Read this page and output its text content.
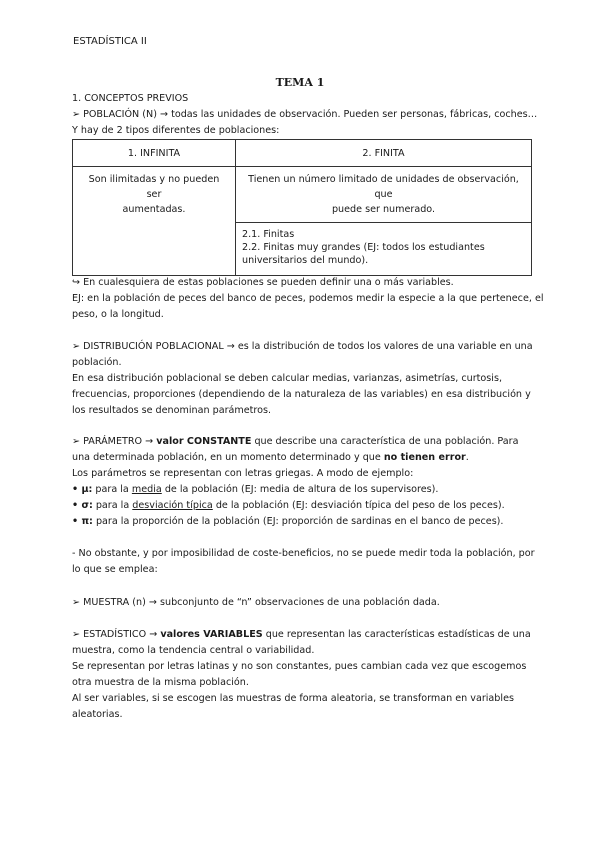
ESTADÍSTICA II
TEMA 1
1. CONCEPTOS PREVIOS
➢ POBLACIÓN (N) → todas las unidades de observación. Pueden ser personas, fábricas, coches…
Y hay de 2 tipos diferentes de poblaciones:
1. INFINITA	2. FINITA
Son ilimitadas y no pueden ser
aumentadas.	Tienen un número limitado de unidades de observación, que
puede ser numerado.
	2.1. Finitas
2.2. Finitas muy grandes (EJ: todos los estudiantes
universitarios del mundo).
↪ En cualesquiera de estas poblaciones se pueden definir una o más variables.
EJ: en la población de peces del banco de peces, podemos medir la especie a la que pertenece, el
peso, o la longitud.
➢ DISTRIBUCIÓN POBLACIONAL → es la distribución de todos los valores de una variable en una
población.
En esa distribución poblacional se deben calcular medias, varianzas, asimetrías, curtosis,
frecuencias, proporciones (dependiendo de la naturaleza de las variables) en esa distribución y
los resultados se denominan parámetros.
➢ PARÁMETRO → valor CONSTANTE que describe una característica de una población. Para
una determinada población, en un momento determinado y que no tienen error.
Los parámetros se representan con letras griegas. A modo de ejemplo:
• μ: para la media de la población (EJ: media de altura de los supervisores).
• σ: para la desviación típica de la población (EJ: desviación típica del peso de los peces).
• π: para la proporción de la población (EJ: proporción de sardinas en el banco de peces).
- No obstante, y por imposibilidad de coste-beneficios, no se puede medir toda la población, por
lo que se emplea:
➢ MUESTRA (n) → subconjunto de “n” observaciones de una población dada.
➢ ESTADÍSTICO → valores VARIABLES que representan las características estadísticas de una
muestra, como la tendencia central o variabilidad.
Se representan por letras latinas y no son constantes, pues cambian cada vez que escogemos
otra muestra de la misma población.
Al ser variables, si se escogen las muestras de forma aleatoria, se transforman en variables
aleatorias.
